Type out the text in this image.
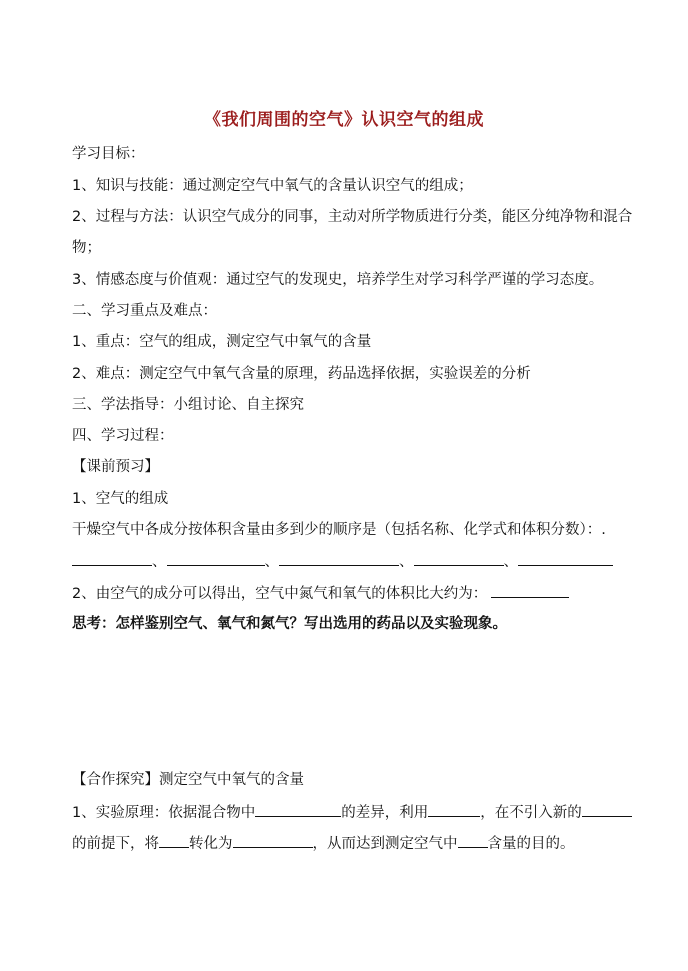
《我们周围的空气》认识空气的组成
学习目标：
1、知识与技能：通过测定空气中氧气的含量认识空气的组成；
2、过程与方法：认识空气成分的同事，主动对所学物质进行分类，能区分纯净物和混合
物；
3、情感态度与价值观：通过空气的发现史，培养学生对学习科学严谨的学习态度。
二、学习重点及难点：
1、重点：空气的组成，测定空气中氧气的含量
2、难点：测定空气中氧气含量的原理，药品选择依据，实验误差的分析
三、学法指导：小组讨论、自主探究
四、学习过程：
【课前预习】
1、空气的组成
干燥空气中各成分按体积含量由多到少的顺序是（包括名称、化学式和体积分数）：.
、	、	、	、
2、由空气的成分可以得出，空气中氮气和氧气的体积比大约为：
思考：怎样鉴别空气、氧气和氮气？写出选用的药品以及实验现象。
【合作探究】测定空气中氧气的含量
1、实验原理：依据混合物中	的差异，利用	，在不引入新的
的前提下，将 转化为	，从而达到测定空气中 含量的目的。
